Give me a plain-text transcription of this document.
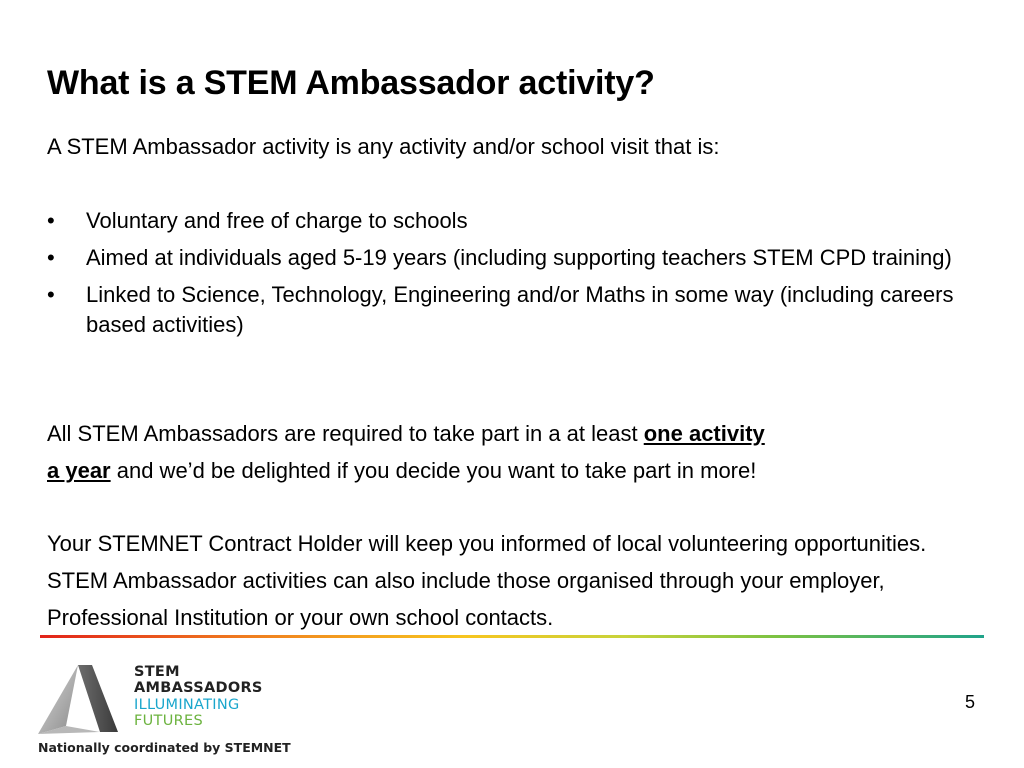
What is a STEM Ambassador activity?
A STEM Ambassador activity is any activity and/or school visit that is:
• Voluntary and free of charge to schools
• Aimed at individuals aged 5-19 years (including supporting teachers STEM CPD training)
• Linked to Science, Technology, Engineering and/or Maths in some way (including careers based activities)
All STEM Ambassadors are required to take part in a at least one activity
a year and we’d be delighted if you decide you want to take part in more!
Your STEMNET Contract Holder will keep you informed of local volunteering opportunities. STEM Ambassador activities can also include those organised through your employer, Professional Institution or your own school contacts.
STEM
AMBASSADORS
ILLUMINATING
FUTURES
Nationally coordinated by STEMNET
5
